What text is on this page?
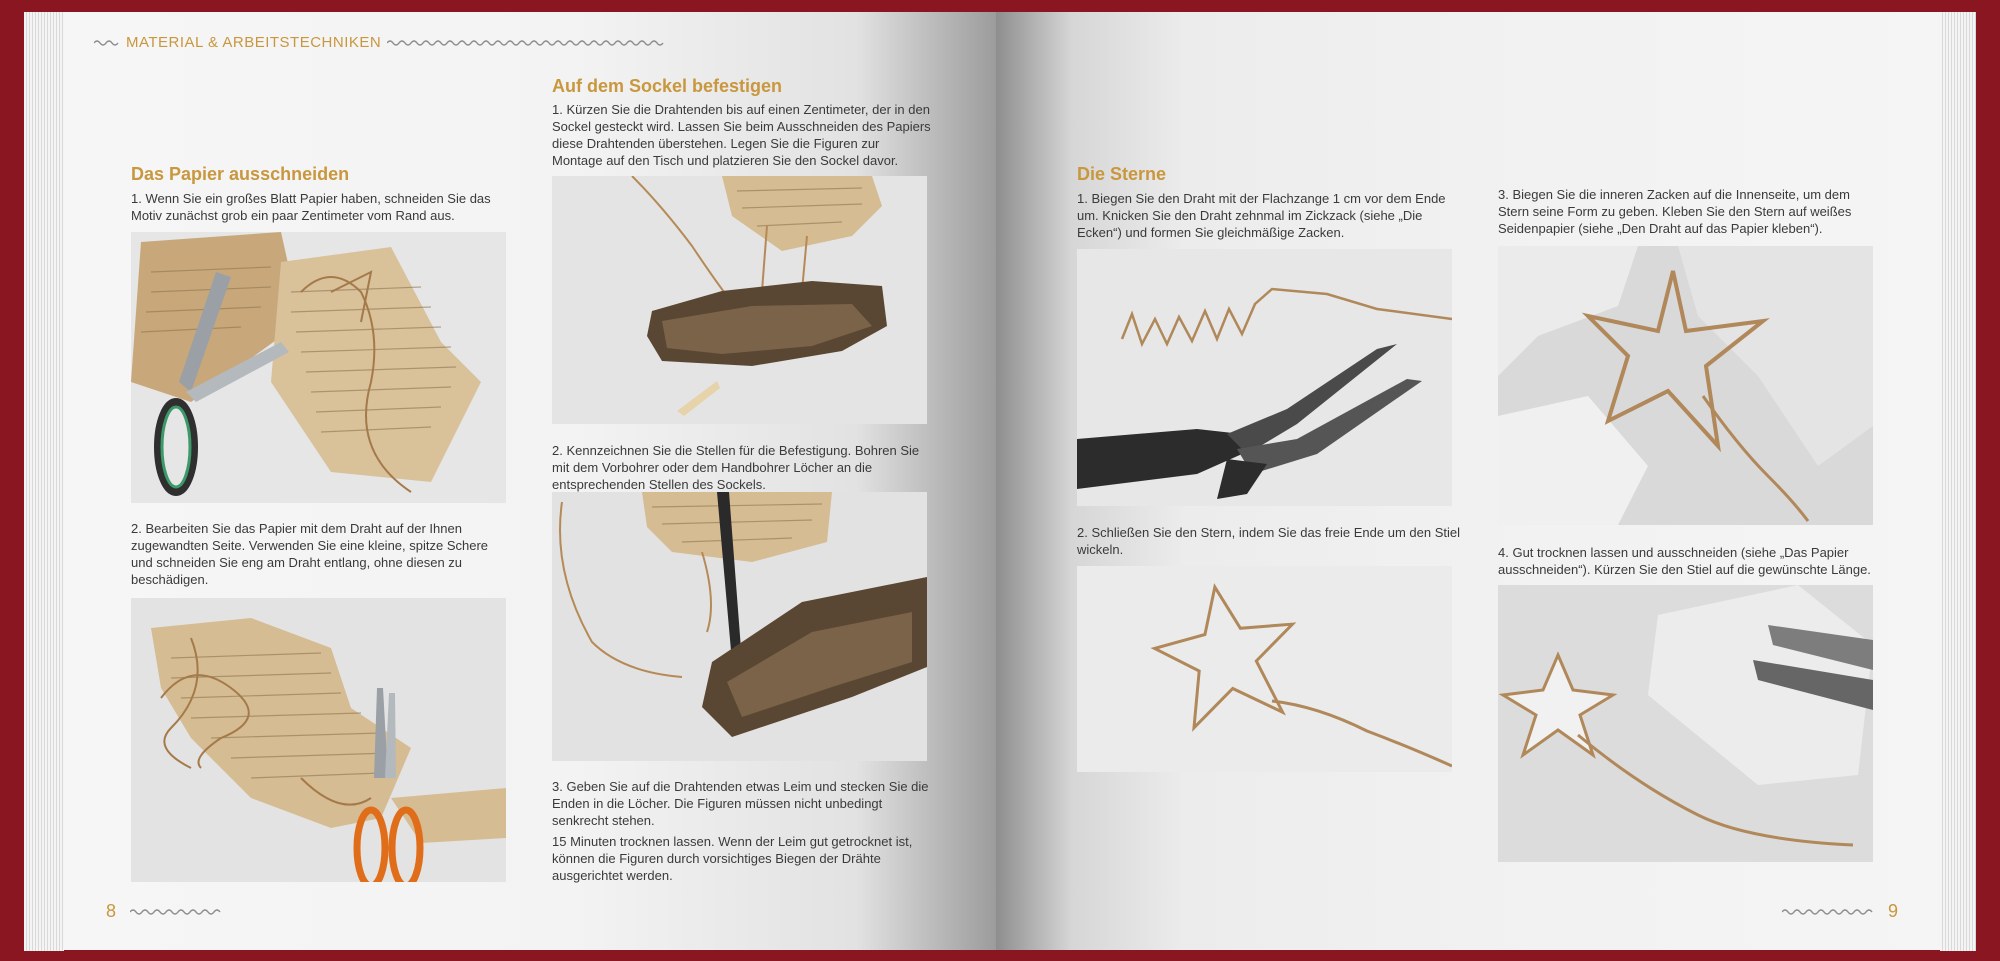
MATERIAL & ARBEITSTECHNIKEN
Das Papier ausschneiden

1. Wenn Sie ein großes Blatt Papier haben, schneiden Sie das Motiv zunächst grob ein paar Zentimeter vom Rand aus.

2. Bearbeiten Sie das Papier mit dem Draht auf der Ihnen zugewandten Seite. Verwenden Sie eine kleine, spitze Schere und schneiden Sie eng am Draht entlang, ohne diesen zu beschädigen.

Auf dem Sockel befestigen

1. Kürzen Sie die Drahtenden bis auf einen Zentimeter, der in den Sockel gesteckt wird. Lassen Sie beim Ausschneiden des Papiers diese Drahtenden überstehen. Legen Sie die Figuren zur Montage auf den Tisch und platzieren Sie den Sockel davor.

2. Kennzeichnen Sie die Stellen für die Befestigung. Bohren Sie mit dem Vorbohrer oder dem Handbohrer Löcher an die entsprechenden Stellen des Sockels.

3. Geben Sie auf die Drahtenden etwas Leim und stecken Sie die Enden in die Löcher. Die Figuren müssen nicht unbedingt senkrecht stehen.

15 Minuten trocknen lassen. Wenn der Leim gut getrocknet ist, können die Figuren durch vorsichtiges Biegen der Drähte ausgerichtet werden.

8
Die Sterne

1. Biegen Sie den Draht mit der Flachzange 1 cm vor dem Ende um. Knicken Sie den Draht zehnmal im Zickzack (siehe „Die Ecken“) und formen Sie gleichmäßige Zacken.

2. Schließen Sie den Stern, indem Sie das freie Ende um den Stiel wickeln.

3. Biegen Sie die inneren Zacken auf die Innenseite, um dem Stern seine Form zu geben. Kleben Sie den Stern auf weißes Seidenpapier (siehe „Den Draht auf das Papier kleben“).

4. Gut trocknen lassen und ausschneiden (siehe „Das Papier ausschneiden“). Kürzen Sie den Stiel auf die gewünschte Länge.

9
